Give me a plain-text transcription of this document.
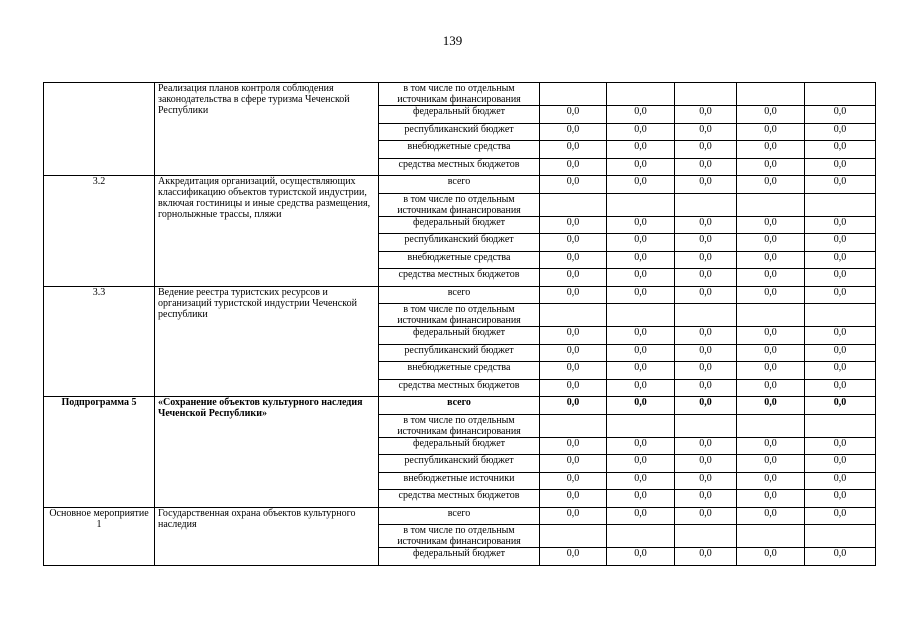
139
	Реализация планов контроля соблюдения законодательства в сфере туризма Чеченской Республики	в том числе по отдельным источникам финансирования					
		федеральный бюджет	0,0	0,0	0,0	0,0	0,0
		республиканский бюджет	0,0	0,0	0,0	0,0	0,0
		внебюджетные средства	0,0	0,0	0,0	0,0	0,0
		средства местных бюджетов	0,0	0,0	0,0	0,0	0,0
3.2	Аккредитация организаций, осуществляющих классификацию объектов туристской индустрии, включая гостиницы и иные средства размещения, горнолыжные трассы, пляжи	всего	0,0	0,0	0,0	0,0	0,0
		в том числе по отдельным источникам финансирования					
		федеральный бюджет	0,0	0,0	0,0	0,0	0,0
		республиканский бюджет	0,0	0,0	0,0	0,0	0,0
		внебюджетные средства	0,0	0,0	0,0	0,0	0,0
		средства местных бюджетов	0,0	0,0	0,0	0,0	0,0
3.3	Ведение реестра туристских ресурсов и организаций туристской индустрии Чеченской республики	всего	0,0	0,0	0,0	0,0	0,0
		в том числе по отдельным источникам финансирования					
		федеральный бюджет	0,0	0,0	0,0	0,0	0,0
		республиканский бюджет	0,0	0,0	0,0	0,0	0,0
		внебюджетные средства	0,0	0,0	0,0	0,0	0,0
		средства местных бюджетов	0,0	0,0	0,0	0,0	0,0
Подпрограмма 5	«Сохранение объектов культурного наследия Чеченской Республики»	всего	0,0	0,0	0,0	0,0	0,0
		в том числе по отдельным источникам финансирования					
		федеральный бюджет	0,0	0,0	0,0	0,0	0,0
		республиканский бюджет	0,0	0,0	0,0	0,0	0,0
		внебюджетные источники	0,0	0,0	0,0	0,0	0,0
		средства местных бюджетов	0,0	0,0	0,0	0,0	0,0
Основное мероприятие 1	Государственная охрана объектов культурного наследия	всего	0,0	0,0	0,0	0,0	0,0
		в том числе по отдельным источникам финансирования					
		федеральный бюджет	0,0	0,0	0,0	0,0	0,0
